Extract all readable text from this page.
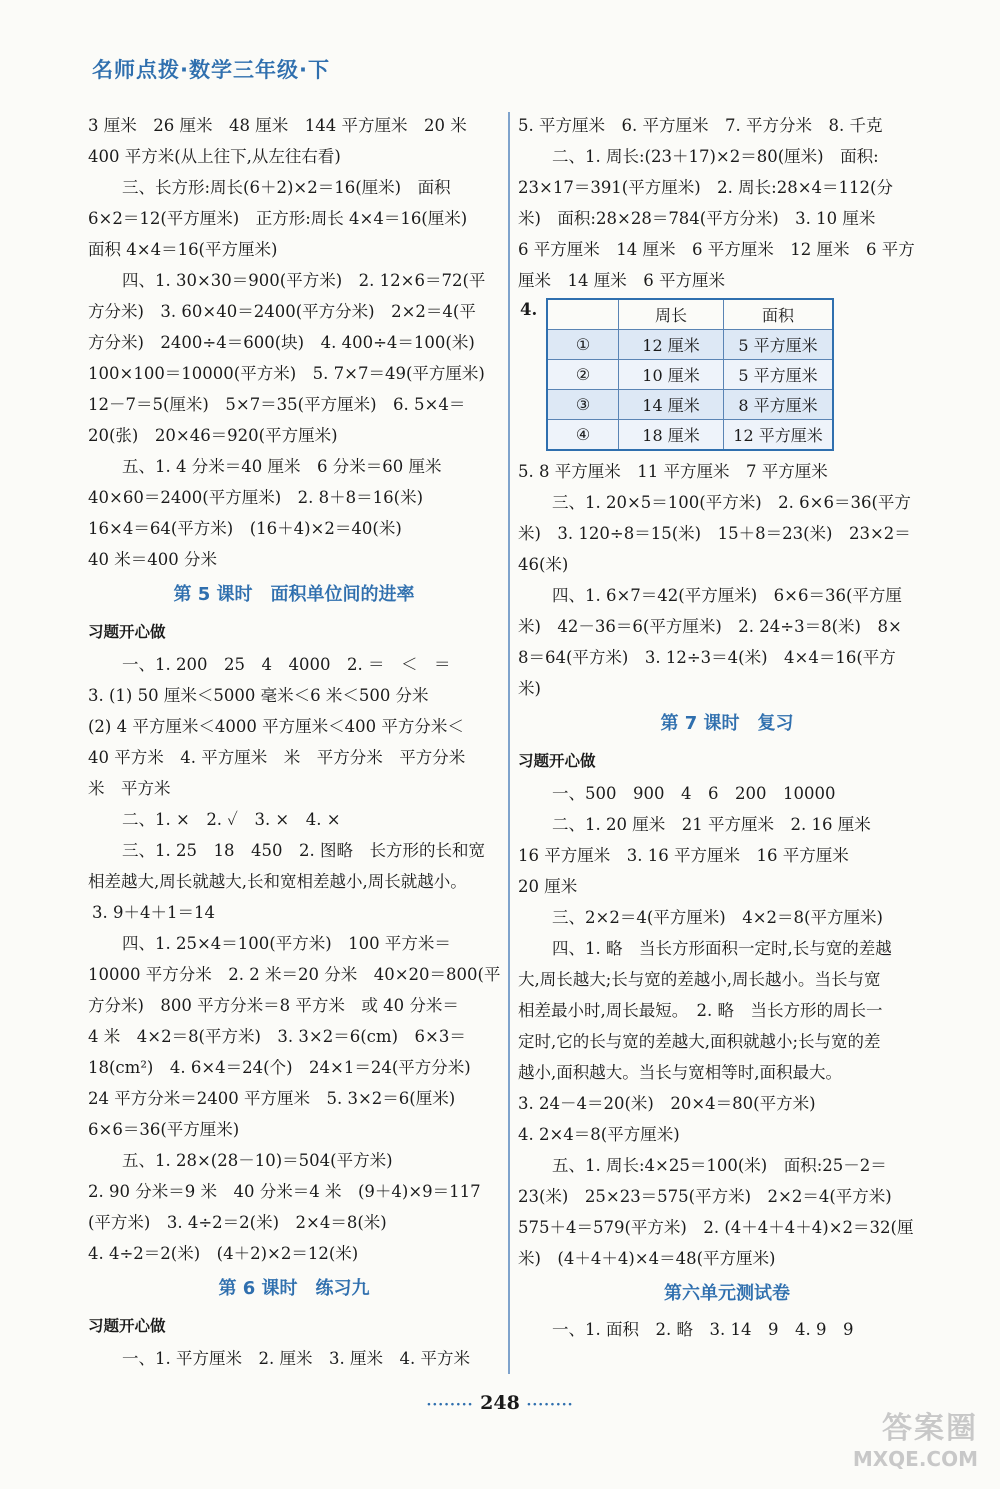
名师点拨·数学三年级·下
3 厘米　26 厘米　48 厘米　144 平方厘米　20 米
400 平方米(从上往下,从左往右看)
三、长方形:周长(6＋2)×2＝16(厘米)　面积
6×2＝12(平方厘米)　正方形:周长 4×4＝16(厘米)
面积 4×4＝16(平方厘米)
四、1. 30×30＝900(平方米)　2. 12×6＝72(平
方分米)　3. 60×40＝2400(平方分米)　2×2＝4(平
方分米)　2400÷4＝600(块)　4. 400÷4＝100(米)
100×100＝10000(平方米)　5. 7×7＝49(平方厘米)
12－7＝5(厘米)　5×7＝35(平方厘米)　6. 5×4＝
20(张)　20×46＝920(平方厘米)
五、1. 4 分米＝40 厘米　6 分米＝60 厘米
40×60＝2400(平方厘米)　2. 8＋8＝16(米)
16×4＝64(平方米)　(16＋4)×2＝40(米)
40 米＝400 分米
第 5 课时　面积单位间的进率
习题开心做
一、1. 200　25　4　4000　2. ＝　＜　＝
3. (1) 50 厘米＜5000 毫米＜6 米＜500 分米
(2) 4 平方厘米＜4000 平方厘米＜400 平方分米＜
40 平方米　4. 平方厘米　米　平方分米　平方分米
米　平方米
二、1. ×　2. ✓　3. ×　4. ×
三、1. 25　18　450　2. 图略　长方形的长和宽
相差越大,周长就越大,长和宽相差越小,周长就越小。
3. 9＋4＋1＝14
四、1. 25×4＝100(平方米)　100 平方米＝
10000 平方分米　2. 2 米＝20 分米　40×20＝800(平
方分米)　800 平方分米＝8 平方米　或 40 分米＝
4 米　4×2＝8(平方米)　3. 3×2＝6(cm)　6×3＝
18(cm²)　4. 6×4＝24(个)　24×1＝24(平方分米)
24 平方分米＝2400 平方厘米　5. 3×2＝6(厘米)
6×6＝36(平方厘米)
五、1. 28×(28－10)＝504(平方米)
2. 90 分米＝9 米　40 分米＝4 米　(9＋4)×9＝117
(平方米)　3. 4÷2＝2(米)　2×4＝8(米)
4. 4÷2＝2(米)　(4＋2)×2＝12(米)
第 6 课时　练习九
习题开心做
一、1. 平方厘米　2. 厘米　3. 厘米　4. 平方米
5. 平方厘米　6. 平方厘米　7. 平方分米　8. 千克
二、1. 周长:(23＋17)×2＝80(厘米)　面积:
23×17＝391(平方厘米)　2. 周长:28×4＝112(分
米)　面积:28×28＝784(平方分米)　3. 10 厘米
6 平方厘米　14 厘米　6 平方厘米　12 厘米　6 平方
厘米　14 厘米　6 平方厘米
4.
		周长	面积
①	12 厘米	5 平方厘米
②	10 厘米	5 平方厘米
③	14 厘米	8 平方厘米
④	18 厘米	12 平方厘米
5. 8 平方厘米　11 平方厘米　7 平方厘米
三、1. 20×5＝100(平方米)　2. 6×6＝36(平方
米)　3. 120÷8＝15(米)　15＋8＝23(米)　23×2＝
46(米)
四、1. 6×7＝42(平方厘米)　6×6＝36(平方厘
米)　42－36＝6(平方厘米)　2. 24÷3＝8(米)　8×
8＝64(平方米)　3. 12÷3＝4(米)　4×4＝16(平方
米)
第 7 课时　复习
习题开心做
一、500　900　4　6　200　10000
二、1. 20 厘米　21 平方厘米　2. 16 厘米
16 平方厘米　3. 16 平方厘米　16 平方厘米
20 厘米
三、2×2＝4(平方厘米)　4×2＝8(平方厘米)
四、1. 略　当长方形面积一定时,长与宽的差越
大,周长越大;长与宽的差越小,周长越小。当长与宽
相差最小时,周长最短。　2. 略　当长方形的周长一
定时,它的长与宽的差越大,面积就越小;长与宽的差
越小,面积越大。当长与宽相等时,面积最大。
3. 24－4＝20(米)　20×4＝80(平方米)
4. 2×4＝8(平方厘米)
五、1. 周长:4×25＝100(米)　面积:25－2＝
23(米)　25×23＝575(平方米)　2×2＝4(平方米)
575＋4＝579(平方米)　2. (4＋4＋4＋4)×2＝32(厘
米)　(4＋4＋4)×4＝48(平方厘米)
第六单元测试卷
一、1. 面积　2. 略　3. 14　9　4. 9　9
········ 248 ········
答案圈
MXQE.COM
